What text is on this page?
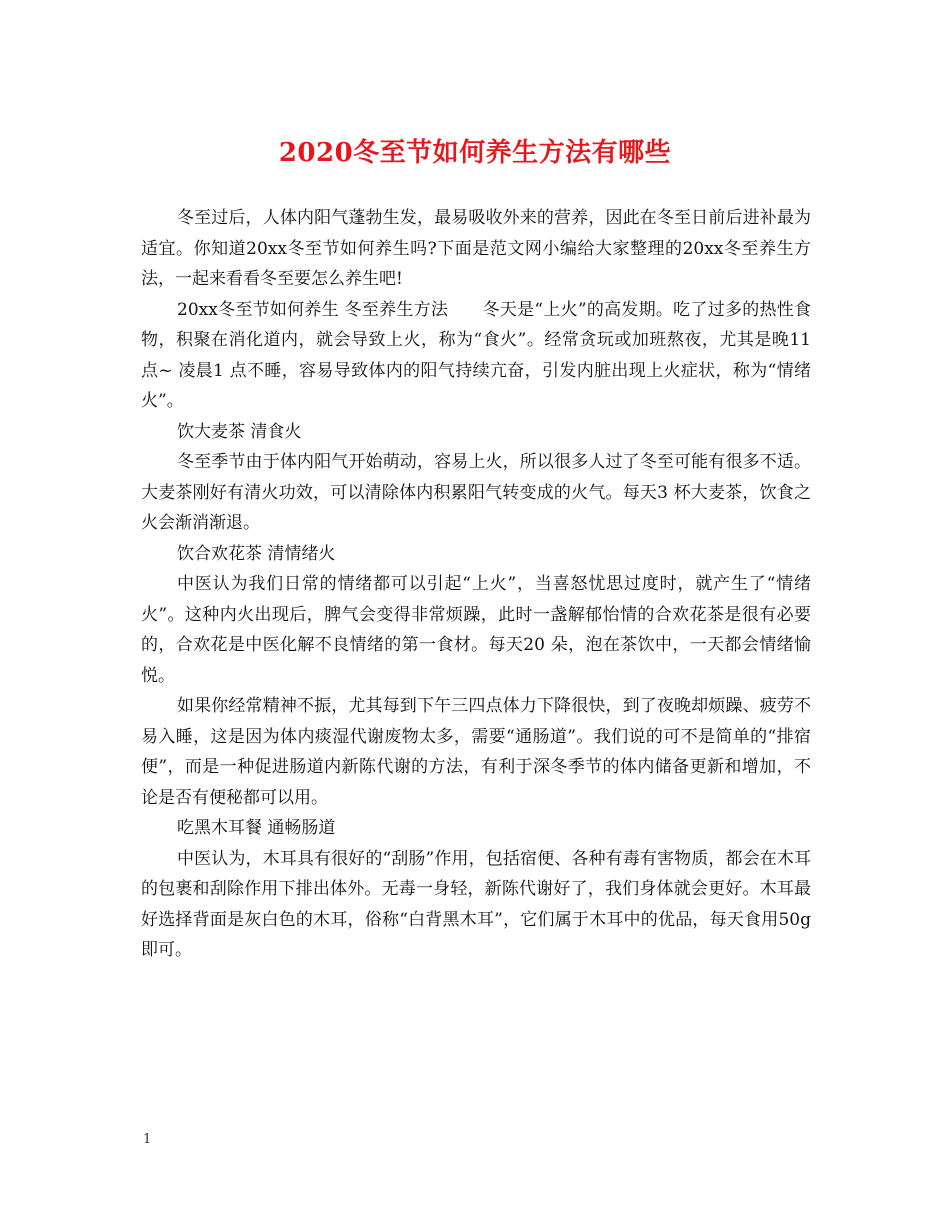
2020冬至节如何养生方法有哪些

冬至过后，人体内阳气蓬勃生发，最易吸收外来的营养，因此在冬至日前后进补最为适宜。你知道20xx冬至节如何养生吗?下面是范文网小编给大家整理的20xx冬至养生方法，一起来看看冬至要怎么养生吧!

20xx冬至节如何养生 冬至养生方法　　冬天是“上火”的高发期。吃了过多的热性食物，积聚在消化道内，就会导致上火，称为“食火”。经常贪玩或加班熬夜，尤其是晚11 点~ 凌晨1 点不睡，容易导致体内的阳气持续亢奋，引发内脏出现上火症状，称为“情绪火”。

饮大麦茶 清食火

冬至季节由于体内阳气开始萌动，容易上火，所以很多人过了冬至可能有很多不适。大麦茶刚好有清火功效，可以清除体内积累阳气转变成的火气。每天3 杯大麦茶，饮食之火会渐消渐退。

饮合欢花茶 清情绪火

中医认为我们日常的情绪都可以引起“上火”，当喜怒忧思过度时，就产生了“情绪火”。这种内火出现后，脾气会变得非常烦躁，此时一盏解郁怡情的合欢花茶是很有必要的，合欢花是中医化解不良情绪的第一食材。每天20 朵，泡在茶饮中，一天都会情绪愉悦。

如果你经常精神不振，尤其每到下午三四点体力下降很快，到了夜晚却烦躁、疲劳不易入睡，这是因为体内痰湿代谢废物太多，需要“通肠道”。我们说的可不是简单的“排宿便”，而是一种促进肠道内新陈代谢的方法，有利于深冬季节的体内储备更新和增加，不论是否有便秘都可以用。

吃黑木耳餐 通畅肠道

中医认为，木耳具有很好的“刮肠”作用，包括宿便、各种有毒有害物质，都会在木耳的包裹和刮除作用下排出体外。无毒一身轻，新陈代谢好了，我们身体就会更好。木耳最好选择背面是灰白色的木耳，俗称“白背黑木耳”，它们属于木耳中的优品，每天食用50g 即可。

1
